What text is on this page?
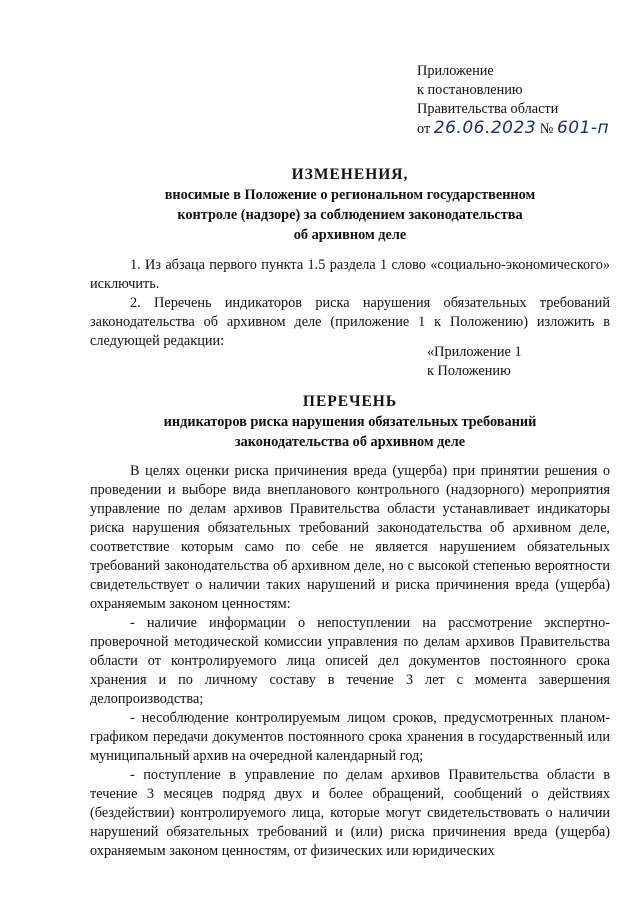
Приложение
к постановлению
Правительства области
от 26.06.2023 № 601-п
ИЗМЕНЕНИЯ,
вносимые в Положение о региональном государственном
контроле (надзоре) за соблюдением законодательства
об архивном деле

1. Из абзаца первого пункта 1.5 раздела 1 слово «социально-экономического» исключить.

2. Перечень индикаторов риска нарушения обязательных требований законодательства об архивном деле (приложение 1 к Положению) изложить в следующей редакции:

«Приложение 1
к Положению
ПЕРЕЧЕНЬ
индикаторов риска нарушения обязательных требований
законодательства об архивном деле

В целях оценки риска причинения вреда (ущерба) при принятии решения о проведении и выборе вида внепланового контрольного (надзорного) мероприятия управление по делам архивов Правительства области устанавливает индикаторы риска нарушения обязательных требований законодательства об архивном деле, соответствие которым само по себе не является нарушением обязательных требований законодательства об архивном деле, но с высокой степенью вероятности свидетельствует о наличии таких нарушений и риска причинения вреда (ущерба) охраняемым законом ценностям:

- наличие информации о непоступлении на рассмотрение экспертно-проверочной методической комиссии управления по делам архивов Правительства области от контролируемого лица описей дел документов постоянного срока хранения и по личному составу в течение 3 лет с момента завершения делопроизводства;

- несоблюдение контролируемым лицом сроков, предусмотренных планом-графиком передачи документов постоянного срока хранения в государственный или муниципальный архив на очередной календарный год;

- поступление в управление по делам архивов Правительства области в течение 3 месяцев подряд двух и более обращений, сообщений о действиях (бездействии) контролируемого лица, которые могут свидетельствовать о наличии нарушений обязательных требований и (или) риска причинения вреда (ущерба) охраняемым законом ценностям, от физических или юридических
